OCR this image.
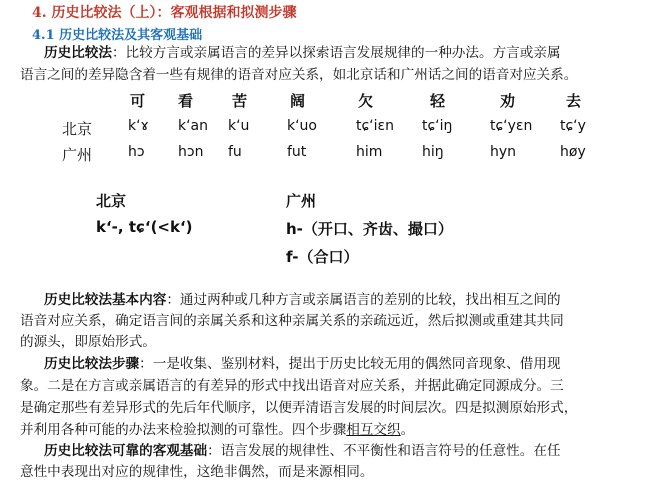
4. 历史比较法（上）：客观根据和拟测步骤
4.1 历史比较法及其客观基础
历史比较法：比较方言或亲属语言的差异以探索语言发展规律的一种办法。方言或亲属
语言之间的差异隐含着一些有规律的语音对应关系，如北京话和广州话之间的语音对应关系。
可 看	苦	阔	欠	轻	劝	去
北京	k‘ɤ k‘an k‘u	k‘uo	tɕ‘iɛn tɕ‘iŋ	tɕ‘yɛn tɕ‘y
广州	hɔ hɔn fu	fut	him	hiŋ	hyn	høy
北京
k‘-, tɕ‘(<k‘)
广州
h-（开口、齐齿、撮口）
f-（合口）
历史比较法基本内容：通过两种或几种方言或亲属语言的差别的比较，找出相互之间的
语音对应关系，确定语言间的亲属关系和这种亲属关系的亲疏远近，然后拟测或重建其共同
的源头，即原始形式。
历史比较法步骤：一是收集、鉴别材料，提出于历史比较无用的偶然同音现象、借用现
象。二是在方言或亲属语言的有差异的形式中找出语音对应关系，并据此确定同源成分。三
是确定那些有差异形式的先后年代顺序，以便弄清语言发展的时间层次。四是拟测原始形式，
并利用各种可能的办法来检验拟测的可靠性。四个步骤相互交织。
历史比较法可靠的客观基础：语言发展的规律性、不平衡性和语言符号的任意性。在任
意性中表现出对应的规律性，这绝非偶然，而是来源相同。
